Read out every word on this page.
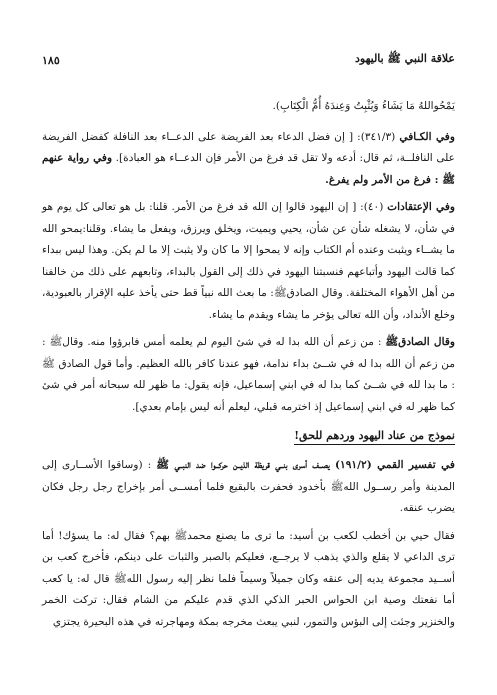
علاقة النبي ﷺ باليهود
١٨٥

يَمْحُواللهُ مَا يَشَاءُ وَيُثْبِتُ وَعِندَهُ أُمُّ الْكِتَابِ).

وفي الكـافي (٣٤١/٣): [ إن فضل الدعاء بعد الفريضة على الدعــاء بعد النافلة كفضل الفريضة على النافلــة، ثم قال: أدعه ولا تقل قد فرغ من الأمر فإن الدعــاء هو العبادة]. وفي رواية عنهم ﷺ : فرغ من الأمر ولم يفرغ.

وفي الإعتقادات (٤٠): [ إن اليهود قالوا إن الله قد فرغ من الأمر. قلنا: بل هو تعالى كل يوم هو في شأن، لا يشغله شأن عن شأن، يحيي ويميت، ويخلق ويرزق، ويفعل ما يشاء. وقلنا:يمحو الله ما يشــاء ويثبت وعنده أم الكتاب وإنه لا يمحوا إلا ما كان ولا يثبت إلا ما لم يكن. وهذا ليس ببداء كما قالت اليهود وأتباعهم فنسبتنا اليهود في ذلك إلى القول بالبداء، وتابعهم على ذلك من خالفنا من أهل الأهواء المختلفة. وقال الصادقﷺ: ما بعث الله نبياً قط حتى يأخذ عليه الإقرار بالعبودية، وخلع الأنداد، وأن الله تعالى يؤخر ما يشاء ويقدم ما يشاء.

وقال الصادقﷺ : من زعم أن الله بدا له في شئ اليوم لم يعلمه أمس فابرؤوا منه. وقالﷺ : من زعم أن الله بدا له في شــئ بداء ندامة، فهو عندنا كافر بالله العظيم. وأما قول الصادق ﷺ : ما بدا لله في شــئ كما بدا له في ابني إسماعيل، فإنه يقول: ما ظهر لله سبحانه أمر في شئ كما ظهر له في ابني إسماعيل إذ اخترمه قبلي، ليعلم أنه ليس بإمام بعدي].

نموذج من عناد اليهود وردهم للحق!

في تفسير القمي (١٩١/٢) يصــف أسرى بنــي قريظة الذيــن حركــوا ضد النبــي ﷺ : (وساقوا الأســارى إلى المدينة وأمر رســول اللهﷺ بأخدود فحفرت بالبقيع فلما أمســى أمر بإخراج رجل رجل فكان يضرب عنقه.

فقال حيي بن أخطب لكعب بن أسيد: ما ترى ما يصنع محمدﷺ بهم؟ فقال له: ما يسؤك! أما ترى الداعي لا يقلع والذي يذهب لا يرجــع، فعليكم بالصبر والثبات على دينكم، فأخرج كعب بن أســيد مجموعة يديه إلى عنقه وكان جميلاً وسيماً فلما نظر إليه رسول اللهﷺ قال له: يا كعب أما نفعتك وصية ابن الحواس الحبر الذكي الذي قدم عليكم من الشام فقال: تركت الخمر والخنزير وجئت إلى البؤس والتمور، لنبي يبعث مخرجه بمكة ومهاجرته في هذه البحيرة يجتزي
